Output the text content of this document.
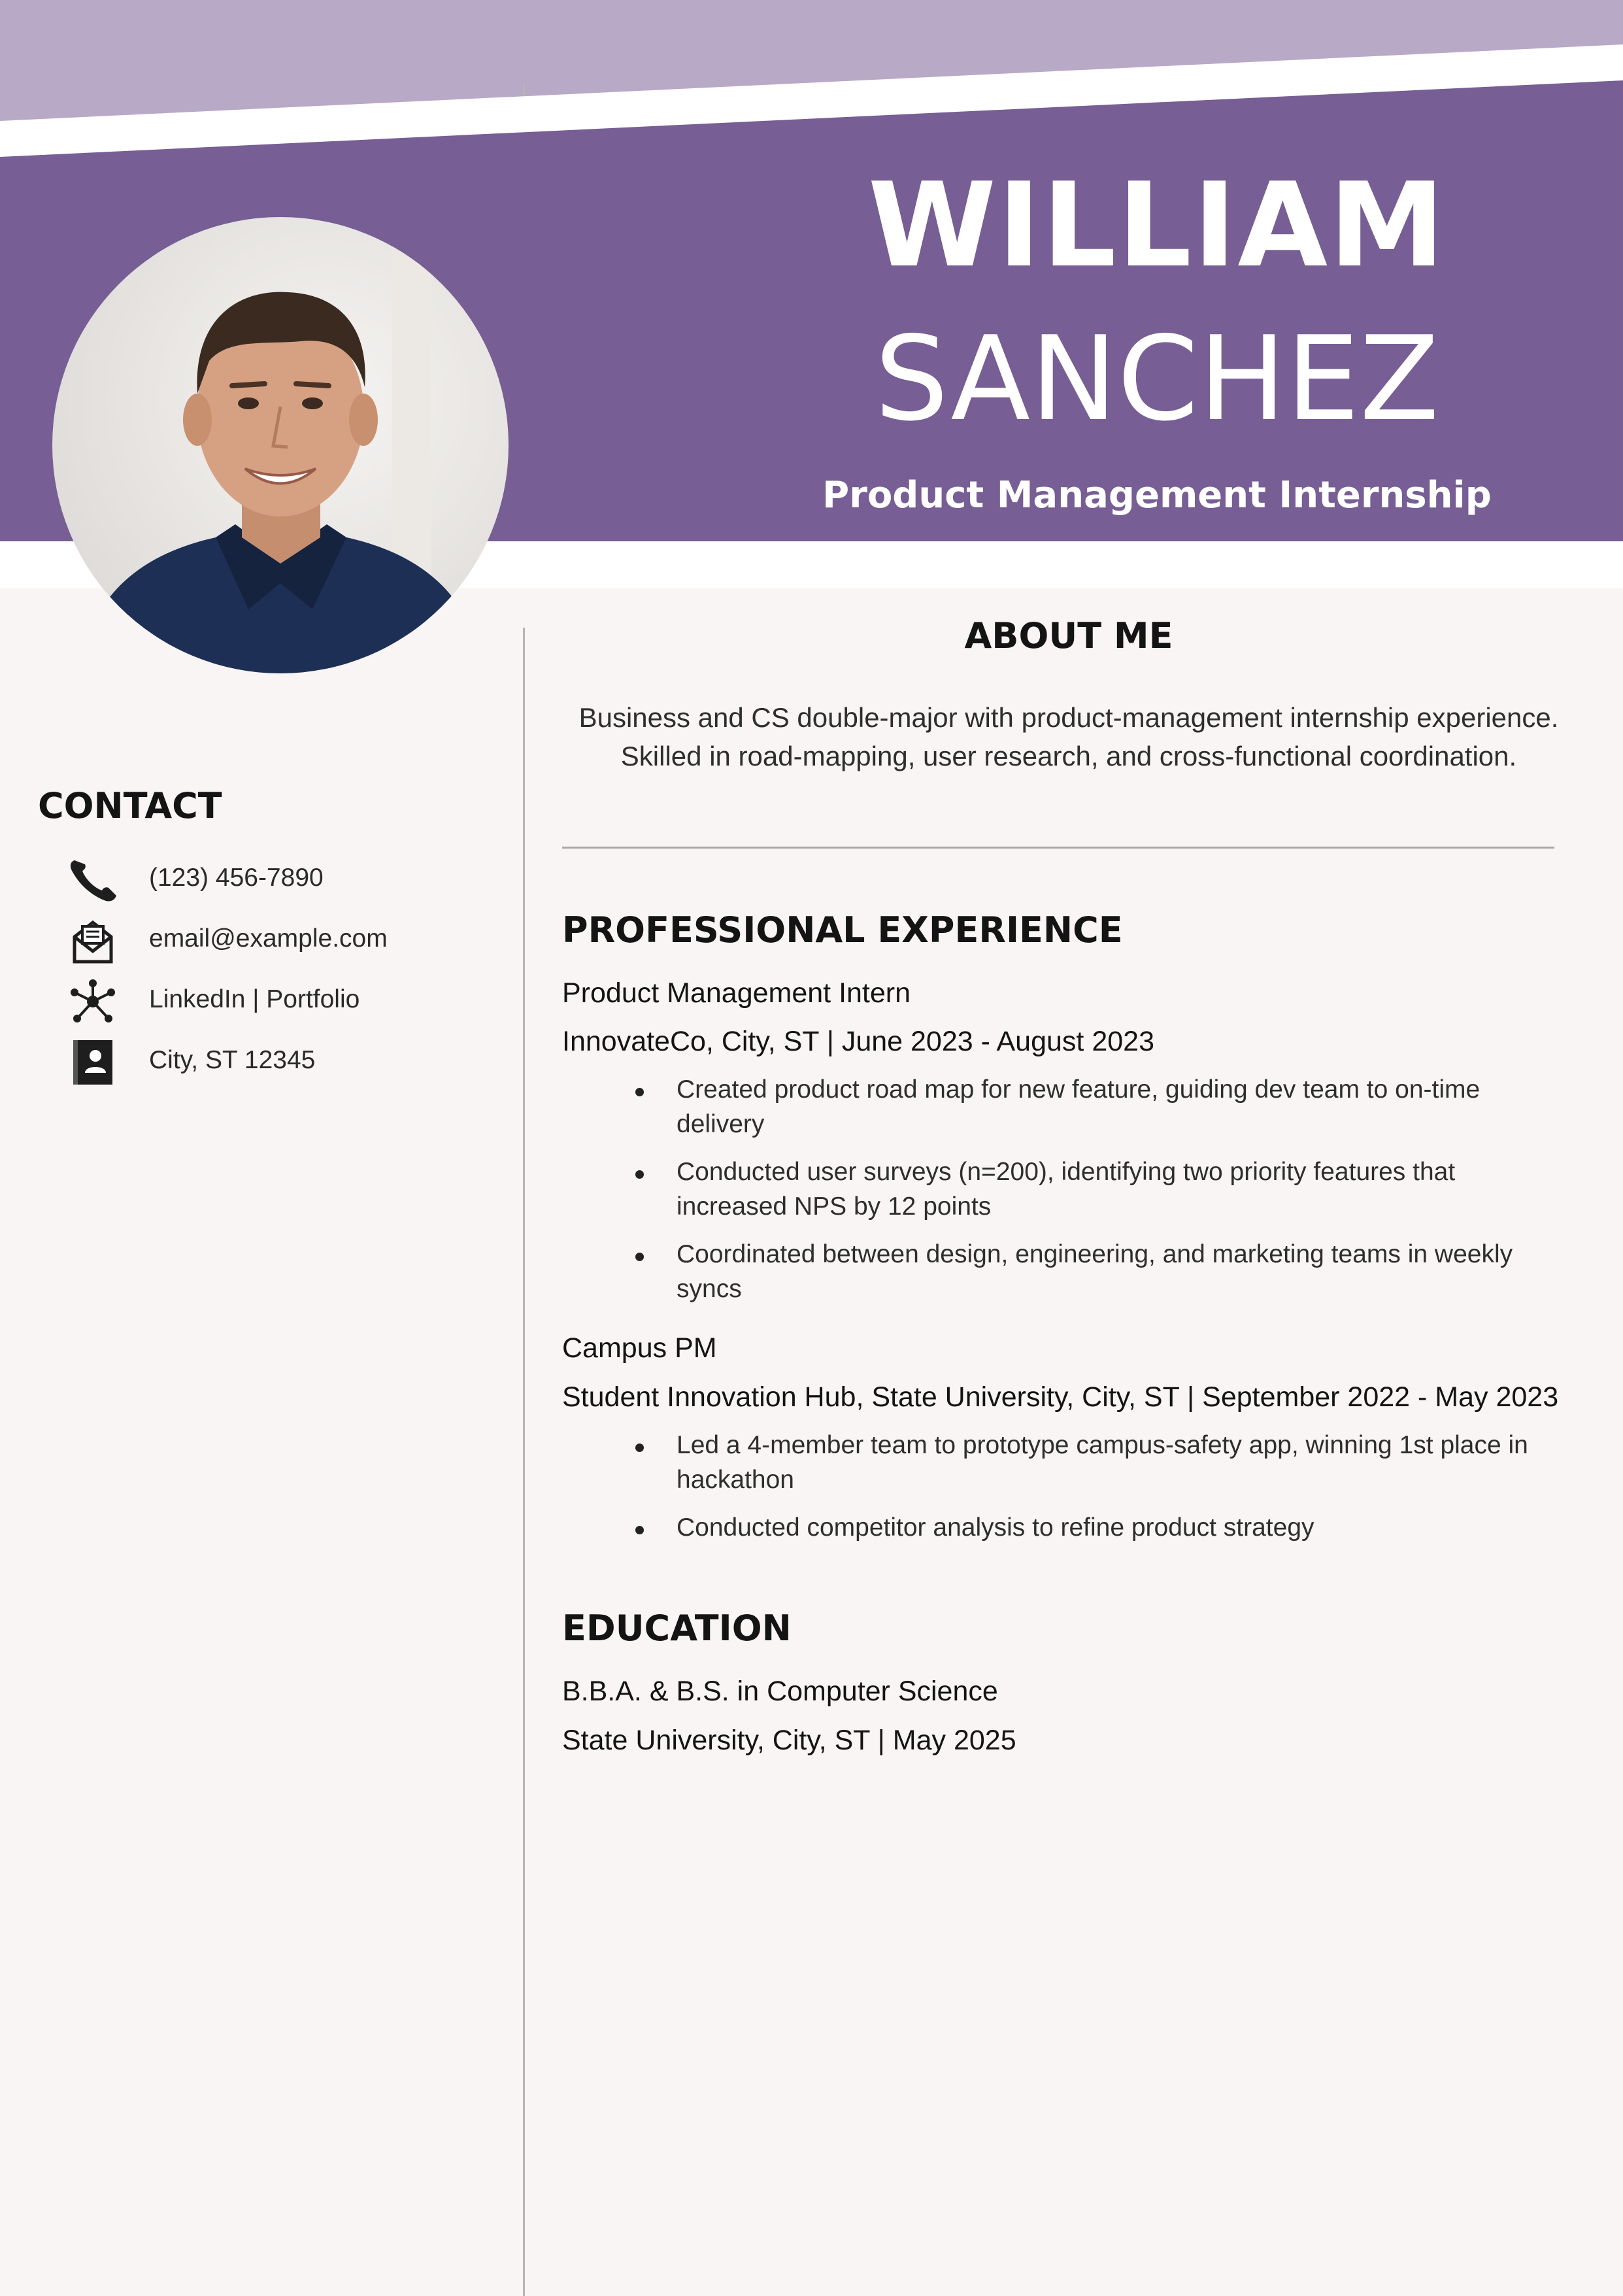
WILLIAM
SANCHEZ
Product Management Internship
CONTACT
(123) 456-7890
email@example.com
LinkedIn | Portfolio
City, ST 12345
ABOUT ME
Business and CS double-major with product-management internship experience. Skilled in road-mapping, user research, and cross-functional coordination.
PROFESSIONAL EXPERIENCE
Product Management Intern
InnovateCo, City, ST | June 2023 - August 2023
Created product road map for new feature, guiding dev team to on-time delivery
Conducted user surveys (n=200), identifying two priority features that increased NPS by 12 points
Coordinated between design, engineering, and marketing teams in weekly syncs
Campus PM
Student Innovation Hub, State University, City, ST | September 2022 - May 2023
Led a 4-member team to prototype campus-safety app, winning 1st place in hackathon
Conducted competitor analysis to refine product strategy
EDUCATION
B.B.A. & B.S. in Computer Science
State University, City, ST | May 2025
